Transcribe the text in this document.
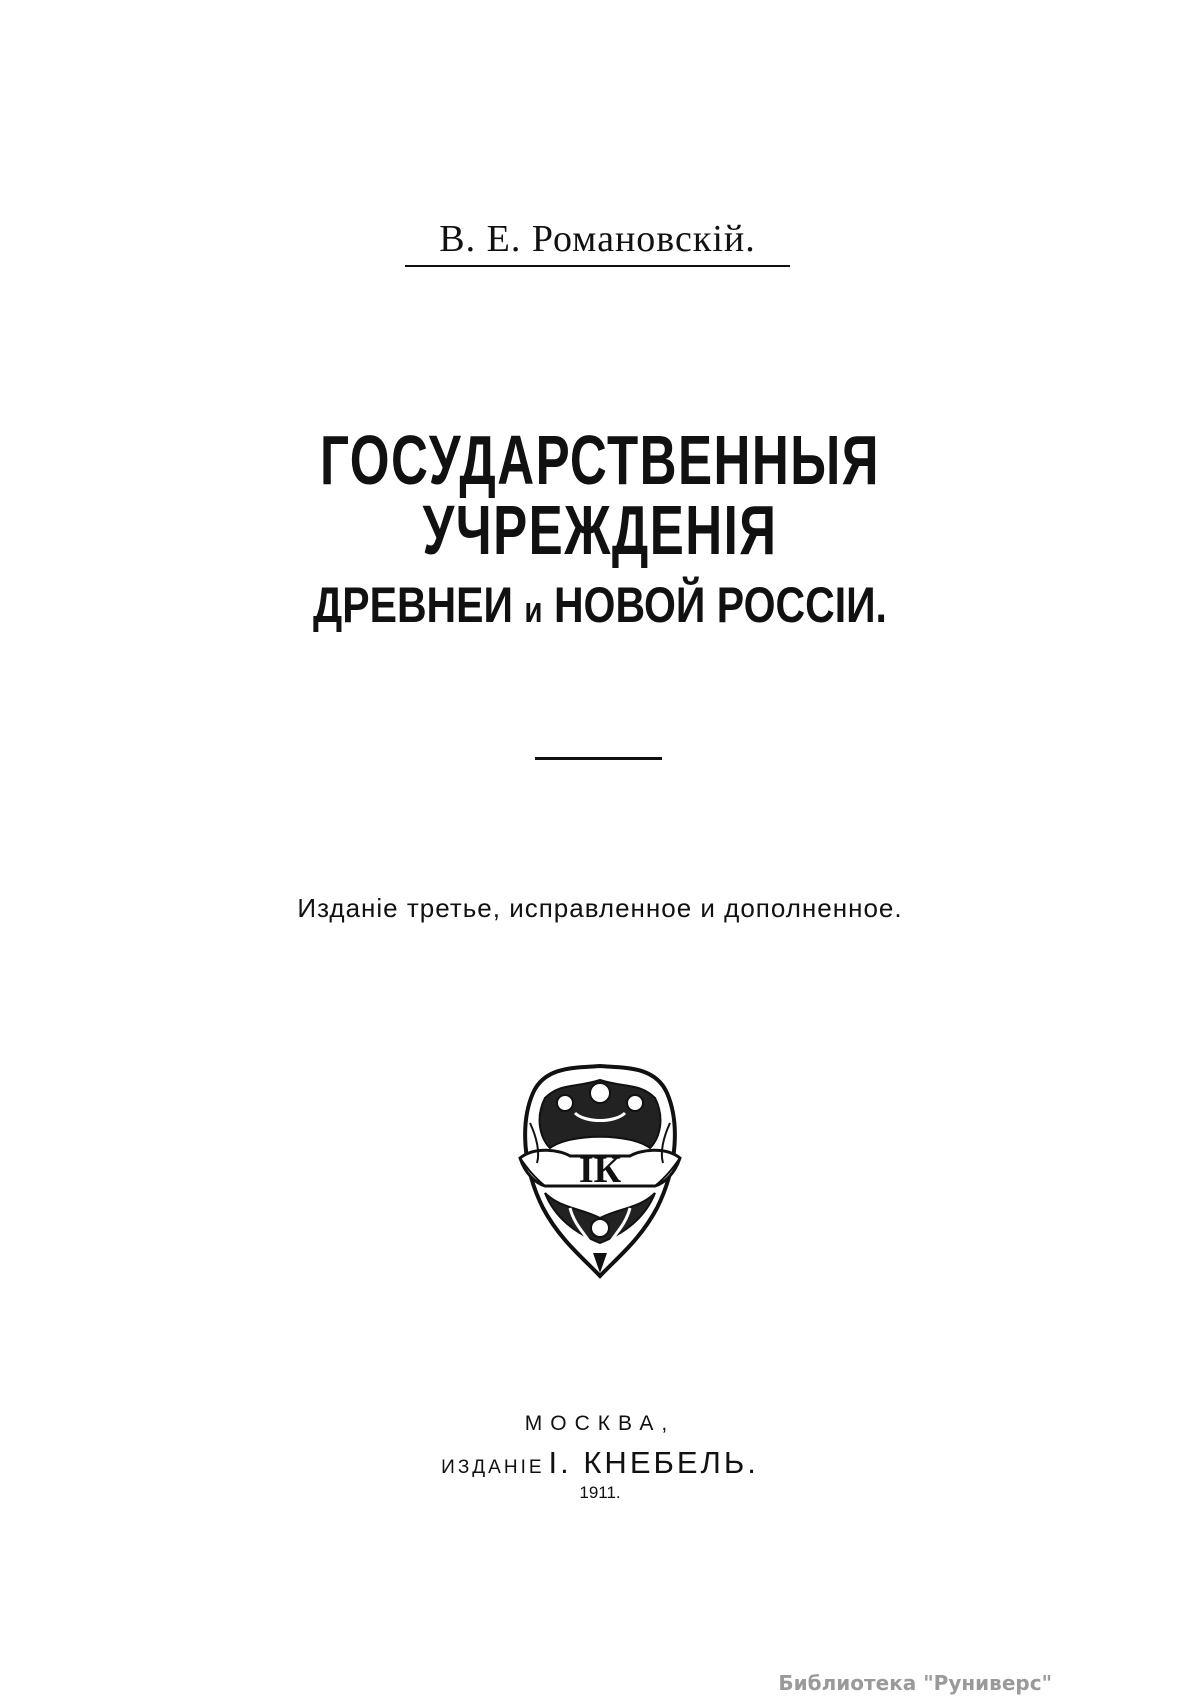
В. Е. Романовскій.
ГОСУДАРСТВЕННЫЯ УЧРЕЖДЕНІЯ
ДРЕВНЕИ и НОВОЙ РОССІИ.
Изданіе третье, исправленное и дополненное.
ІК
МОСКВА,
ИЗДАНІЕ І. КНЕБЕЛЬ.
1911.
Библиотека "Руниверс"
